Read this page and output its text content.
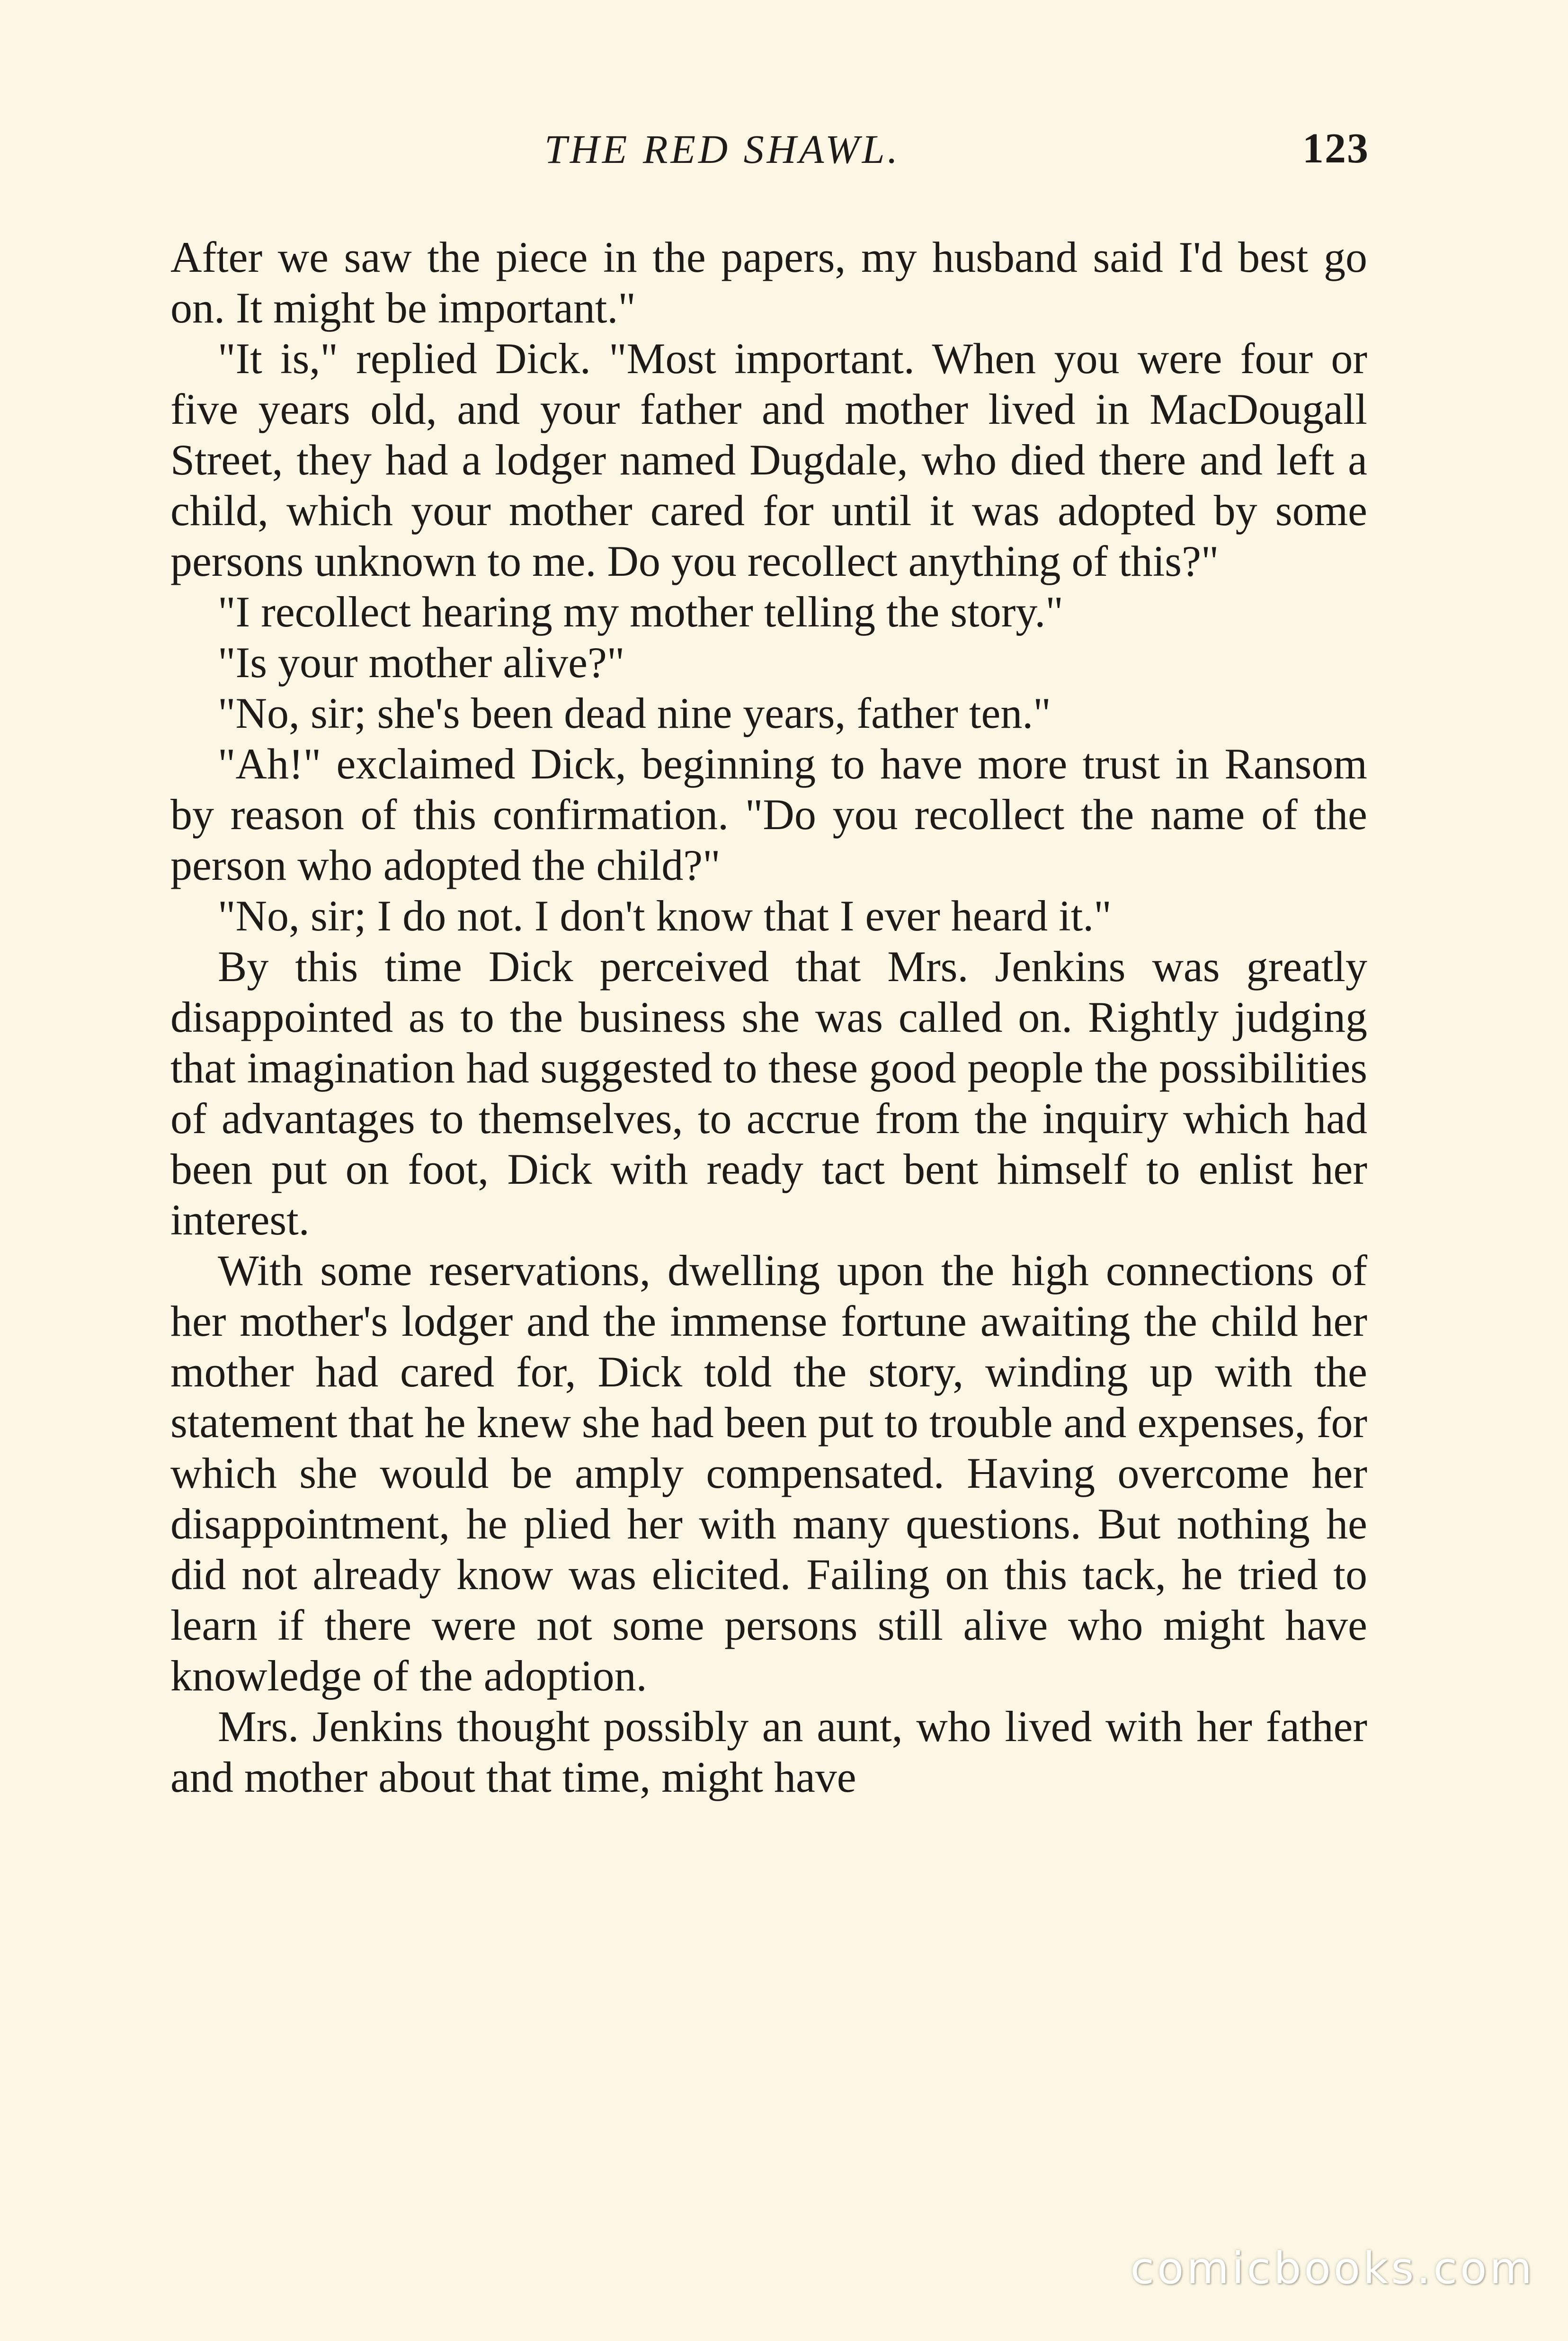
THE RED SHAWL.	123

After we saw the piece in the papers, my husband said I'd best go on. It might be important."

"It is," replied Dick. "Most important. When you were four or five years old, and your father and mother lived in MacDougall Street, they had a lodger named Dugdale, who died there and left a child, which your mother cared for until it was adopted by some persons unknown to me. Do you recollect anything of this?"

"I recollect hearing my mother telling the story."

"Is your mother alive?"

"No, sir; she's been dead nine years, father ten."

"Ah!" exclaimed Dick, beginning to have more trust in Ransom by reason of this confirmation. "Do you recollect the name of the person who adopted the child?"

"No, sir; I do not. I don't know that I ever heard it."

By this time Dick perceived that Mrs. Jenkins was greatly disappointed as to the business she was called on. Rightly judging that imagination had suggested to these good people the possibilities of advantages to themselves, to accrue from the inquiry which had been put on foot, Dick with ready tact bent himself to enlist her interest.

With some reservations, dwelling upon the high connections of her mother's lodger and the immense fortune awaiting the child her mother had cared for, Dick told the story, winding up with the statement that he knew she had been put to trouble and expenses, for which she would be amply compensated. Having overcome her disappointment, he plied her with many questions. But nothing he did not already know was elicited. Failing on this tack, he tried to learn if there were not some persons still alive who might have knowledge of the adoption.

Mrs. Jenkins thought possibly an aunt, who lived with her father and mother about that time, might have

comicbooks.com
